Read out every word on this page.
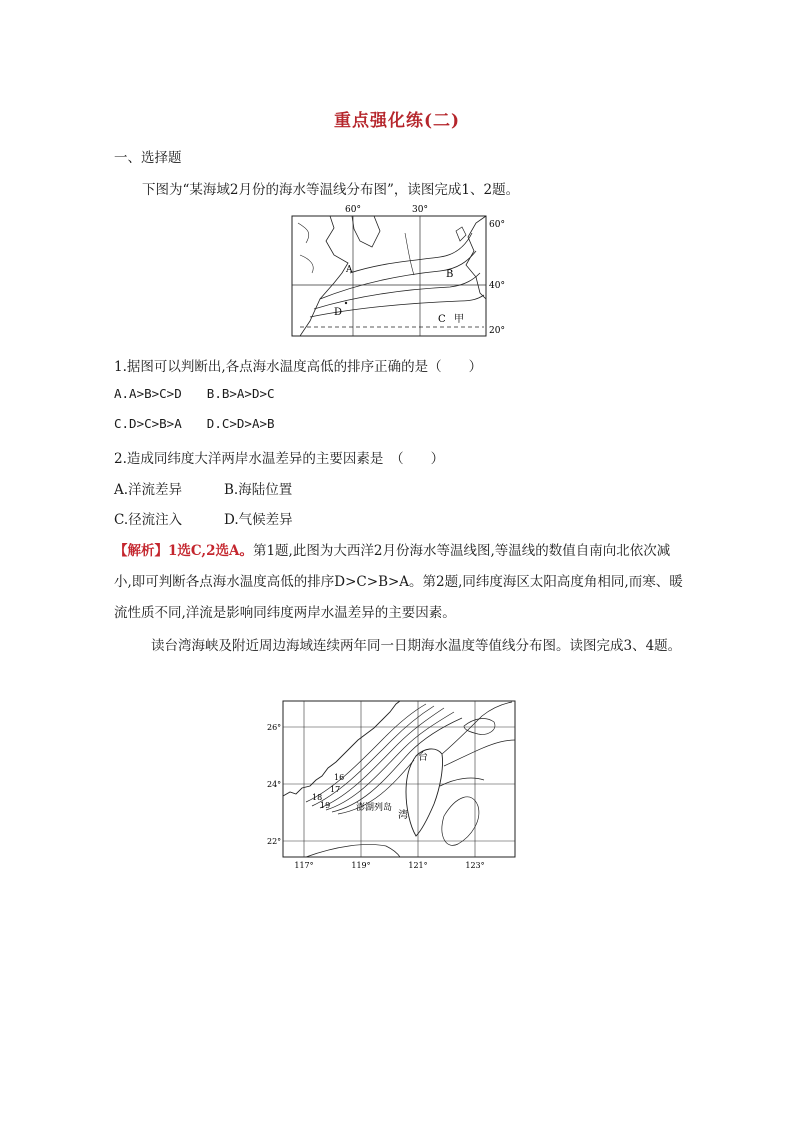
重点强化练(二)
一、选择题
下图为“某海域2月份的海水等温线分布图”，读图完成1、2题。
60°	30°
60°
40°
20°
A	B
C
D
甲
1.据图可以判断出,各点海水温度高低的排序正确的是（　　）
A.A>B>C>D B.B>A>D>C
C.D>C>B>A D.C>D>A>B
2.造成同纬度大洋两岸水温差异的主要因素是　（　　）
A.洋流差异	B.海陆位置
C.径流注入	D.气候差异
【解析】1选C,2选A。第1题,此图为大西洋2月份海水等温线图,等温线的数值自南向北依次减小,即可判断各点海水温度高低的排序D>C>B>A。第2题,同纬度海区太阳高度角相同,而寒、暖流性质不同,洋流是影响同纬度两岸水温差异的主要因素。
读台湾海峡及附近周边海域连续两年同一日期海水温度等值线分布图。读图完成3、4题。
26°
24°
22°
117°	119°	121°	123°
16
17
18
19
台
湾
澎湖列岛
